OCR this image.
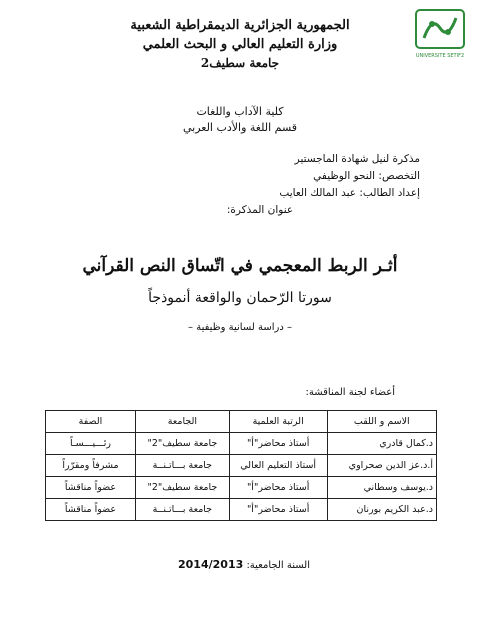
UNIVERSITE SETIF2
الجمهورية الجزائرية الديمقراطية الشعبية
وزارة التعليم العالي و البحث العلمي
جامعة سطيف2
كلية الآداب واللغات
قسم اللغة والأدب العربي
مذكرة لنيل شهادة الماجستير
التخصص: النحو الوظيفي
إعداد الطالب: عبد المالك العايب
عنوان المذكرة:
أثـر الربط المعجمي في اتّساق النص القرآني
سورتا الرّحمان والواقعة أنموذجاً
– دراسة لسانية وظيفية –
أعضاء لجنة المناقشة:
الاسم و اللقب	الرتبة العلمية	الجامعة	الصفة
د.كمال قادري	أستاذ محاضر"أ"	جامعة سطيف"2"	رئـــيـــسـاً
أ.د.عز الدين صحراوي	أستاذ التعليم العالي	جامعة بـــاتـنــة	مشرفاً ومقرّراً
د.يوسف وسطاني	أستاذ محاضر"أ"	جامعة سطيف"2"	عضواً مناقشاً
د.عبد الكريم بورنان	أستاذ محاضر"أ"	جامعة بـــاتـنــة	عضواً مناقشاً
السنة الجامعية: 2014/2013
